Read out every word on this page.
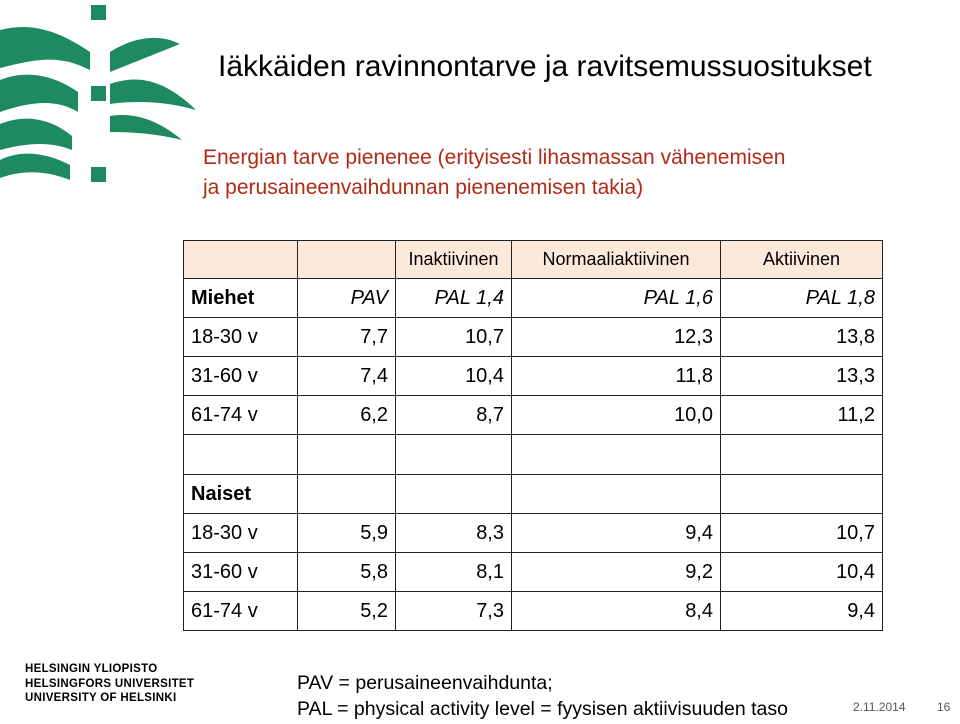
Iäkkäiden ravinnontarve ja ravitsemussuositukset
Energian tarve pienenee (erityisesti lihasmassan vähenemisen
ja perusaineenvaihdunnan pienenemisen takia)
		Inaktiivinen	Normaaliaktiivinen	Aktiivinen
Miehet	PAV	PAL 1,4	PAL 1,6	PAL 1,8
18-30 v	7,7	10,7	12,3	13,8
31-60 v	7,4	10,4	11,8	13,3
61-74 v	6,2	8,7	10,0	11,2

Naiset				
18-30 v	5,9	8,3	9,4	10,7
31-60 v	5,8	8,1	9,2	10,4
61-74 v	5,2	7,3	8,4	9,4
HELSINGIN YLIOPISTO
HELSINGFORS UNIVERSITET
UNIVERSITY OF HELSINKI
PAV = perusaineenvaihdunta;
PAL = physical activity level = fyysisen aktiivisuuden taso	2.11.2014	16
